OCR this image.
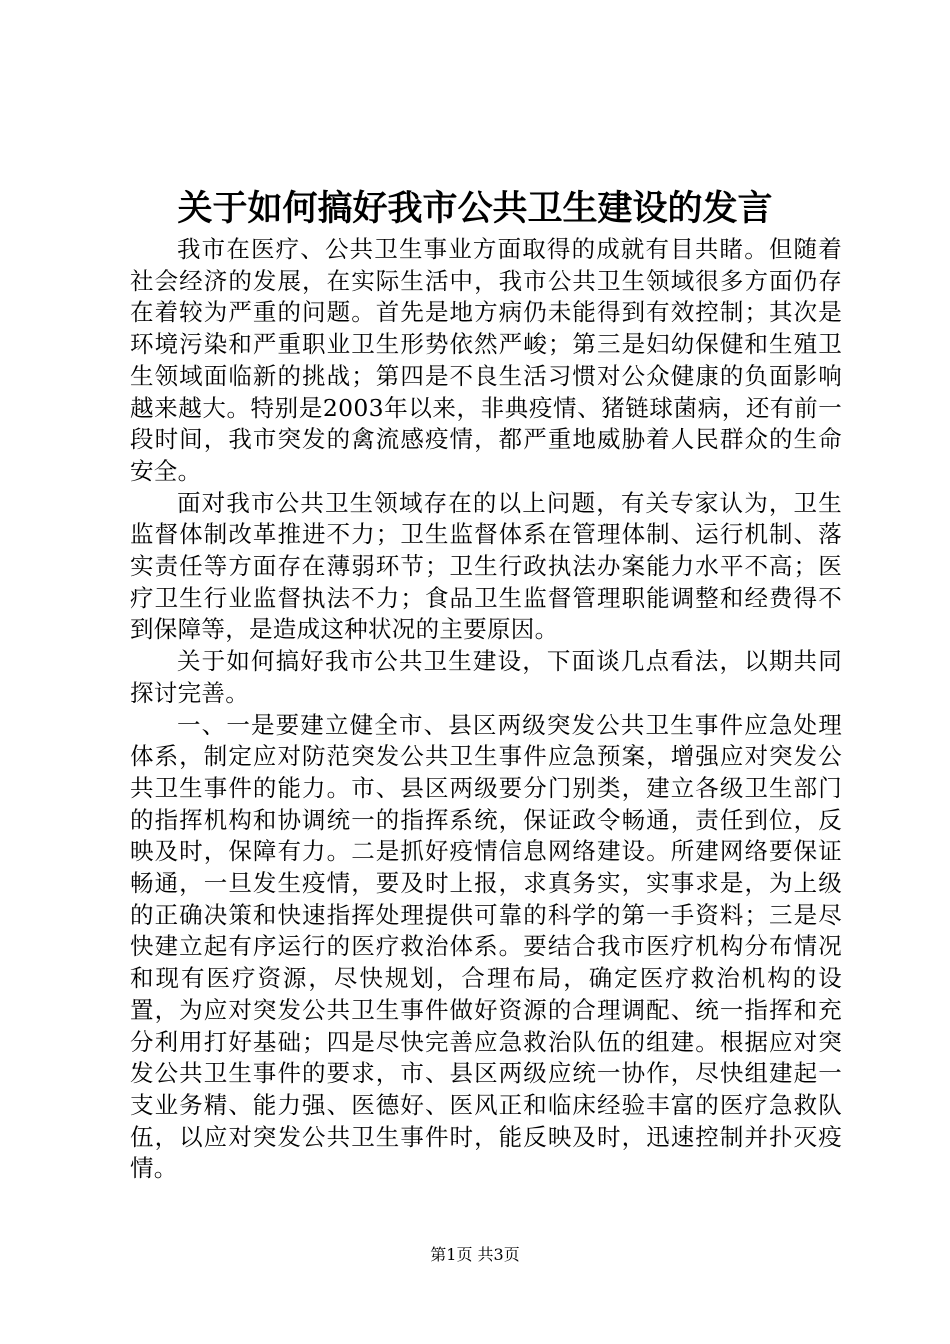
关于如何搞好我市公共卫生建设的发言

我市在医疗、公共卫生事业方面取得的成就有目共睹。但随着社会经济的发展，在实际生活中，我市公共卫生领域很多方面仍存在着较为严重的问题。首先是地方病仍未能得到有效控制；其次是环境污染和严重职业卫生形势依然严峻；第三是妇幼保健和生殖卫生领域面临新的挑战；第四是不良生活习惯对公众健康的负面影响越来越大。特别是2003年以来，非典疫情、猪链球菌病，还有前一段时间，我市突发的禽流感疫情，都严重地威胁着人民群众的生命安全。

面对我市公共卫生领域存在的以上问题，有关专家认为，卫生监督体制改革推进不力；卫生监督体系在管理体制、运行机制、落实责任等方面存在薄弱环节；卫生行政执法办案能力水平不高；医疗卫生行业监督执法不力；食品卫生监督管理职能调整和经费得不到保障等，是造成这种状况的主要原因。

关于如何搞好我市公共卫生建设，下面谈几点看法，以期共同探讨完善。

一、一是要建立健全市、县区两级突发公共卫生事件应急处理体系，制定应对防范突发公共卫生事件应急预案，增强应对突发公共卫生事件的能力。市、县区两级要分门别类，建立各级卫生部门的指挥机构和协调统一的指挥系统，保证政令畅通，责任到位，反映及时，保障有力。二是抓好疫情信息网络建设。所建网络要保证畅通，一旦发生疫情，要及时上报，求真务实，实事求是，为上级的正确决策和快速指挥处理提供可靠的科学的第一手资料；三是尽快建立起有序运行的医疗救治体系。要结合我市医疗机构分布情况和现有医疗资源，尽快规划，合理布局，确定医疗救治机构的设置，为应对突发公共卫生事件做好资源的合理调配、统一指挥和充分利用打好基础；四是尽快完善应急救治队伍的组建。根据应对突发公共卫生事件的要求，市、县区两级应统一协作，尽快组建起一支业务精、能力强、医德好、医风正和临床经验丰富的医疗急救队伍，以应对突发公共卫生事件时，能反映及时，迅速控制并扑灭疫情。

第1页 共3页
